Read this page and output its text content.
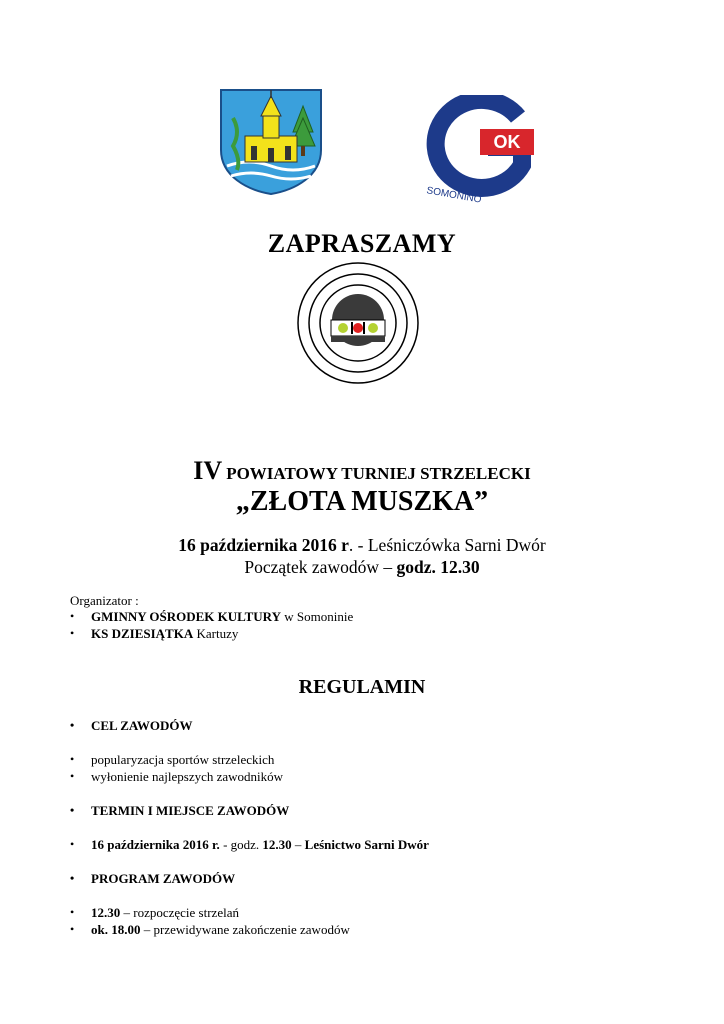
OK
SOMONINO
ZAPRASZAMY
IV POWIATOWY TURNIEJ STRZELECKI
„ZŁOTA MUSZKA”
16 października 2016 r. - Leśniczówka Sarni Dwór
Początek zawodów – godz. 12.30
Organizator :
• GMINNY OŚRODEK KULTURY w Somoninie
• KS DZIESIĄTKA Kartuzy
REGULAMIN
• CEL ZAWODÓW
• popularyzacja sportów strzeleckich
• wyłonienie najlepszych zawodników
• TERMIN I MIEJSCE ZAWODÓW
• 16 października 2016 r. - godz. 12.30 – Leśnictwo Sarni Dwór
• PROGRAM ZAWODÓW
• 12.30 – rozpoczęcie strzelań
• ok. 18.00 – przewidywane zakończenie zawodów
